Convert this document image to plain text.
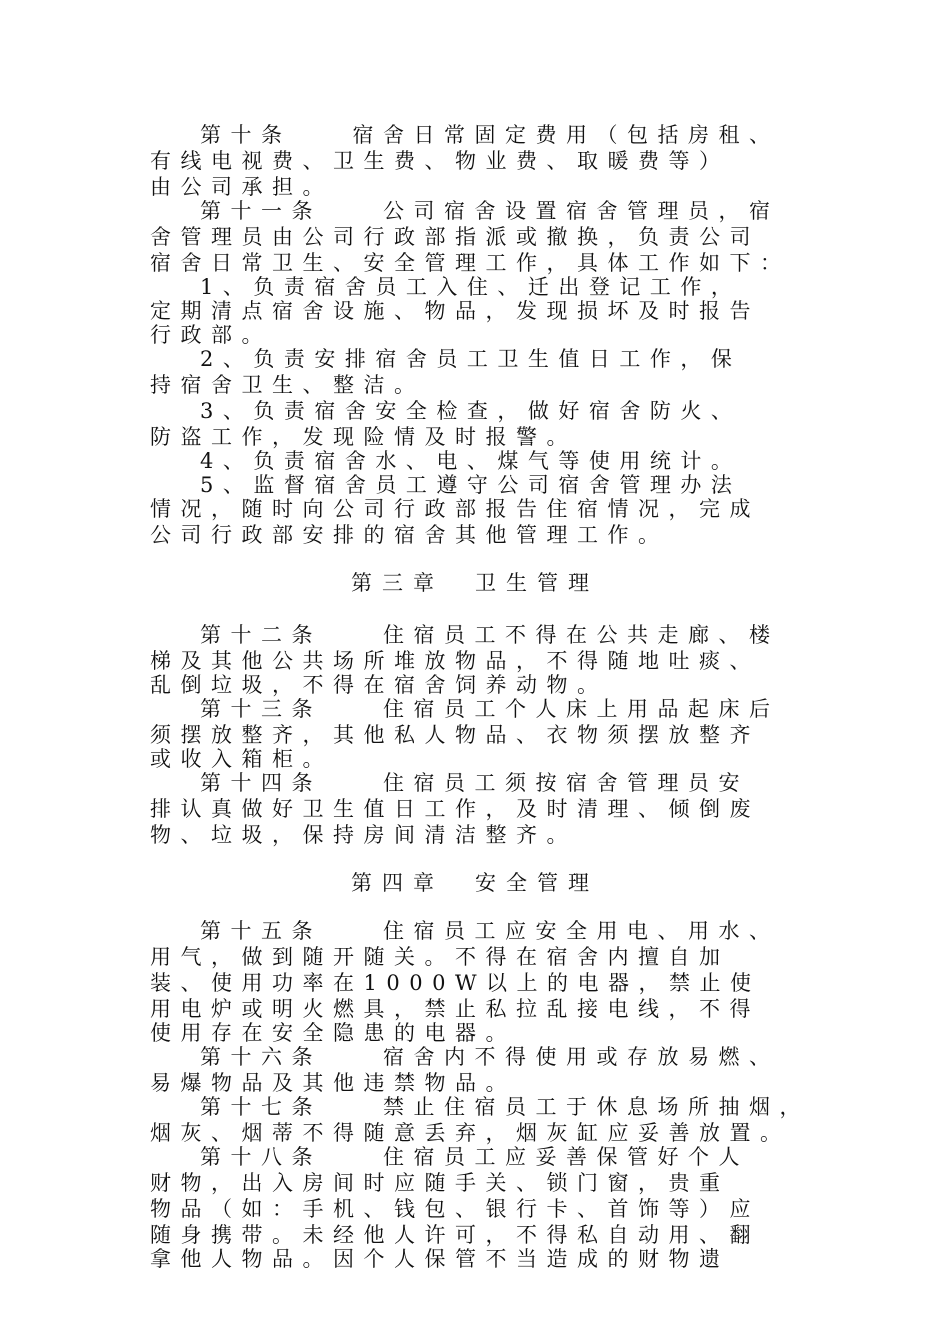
第十条　　宿舍日常固定费用（包括房租、
有线电视费、卫生费、物业费、取暖费等）
由公司承担。
第十一条　　公司宿舍设置宿舍管理员，宿
舍管理员由公司行政部指派或撤换，负责公司
宿舍日常卫生、安全管理工作，具体工作如下：
1、负责宿舍员工入住、迁出登记工作，
定期清点宿舍设施、物品，发现损坏及时报告
行政部。
2、负责安排宿舍员工卫生值日工作，保
持宿舍卫生、整洁。
3、负责宿舍安全检查，做好宿舍防火、
防盗工作，发现险情及时报警。
4、负责宿舍水、电、煤气等使用统计。
5、监督宿舍员工遵守公司宿舍管理办法
情况，随时向公司行政部报告住宿情况，完成
公司行政部安排的宿舍其他管理工作。
第三章　卫生管理
第十二条　　住宿员工不得在公共走廊、楼
梯及其他公共场所堆放物品，不得随地吐痰、
乱倒垃圾，不得在宿舍饲养动物。
第十三条　　住宿员工个人床上用品起床后
须摆放整齐，其他私人物品、衣物须摆放整齐
或收入箱柜。
第十四条　　住宿员工须按宿舍管理员安
排认真做好卫生值日工作，及时清理、倾倒废
物、垃圾，保持房间清洁整齐。
第四章　安全管理
第十五条　　住宿员工应安全用电、用水、
用气，做到随开随关。不得在宿舍内擅自加
装、使用功率在1000W以上的电器，禁止使
用电炉或明火燃具，禁止私拉乱接电线，不得
使用存在安全隐患的电器。
第十六条　　宿舍内不得使用或存放易燃、
易爆物品及其他违禁物品。
第十七条　　禁止住宿员工于休息场所抽烟，
烟灰、烟蒂不得随意丢弃，烟灰缸应妥善放置。
第十八条　　住宿员工应妥善保管好个人
财物，出入房间时应随手关、锁门窗，贵重
物品（如：手机、钱包、银行卡、首饰等）应
随身携带。未经他人许可，不得私自动用、翻
拿他人物品。因个人保管不当造成的财物遗
